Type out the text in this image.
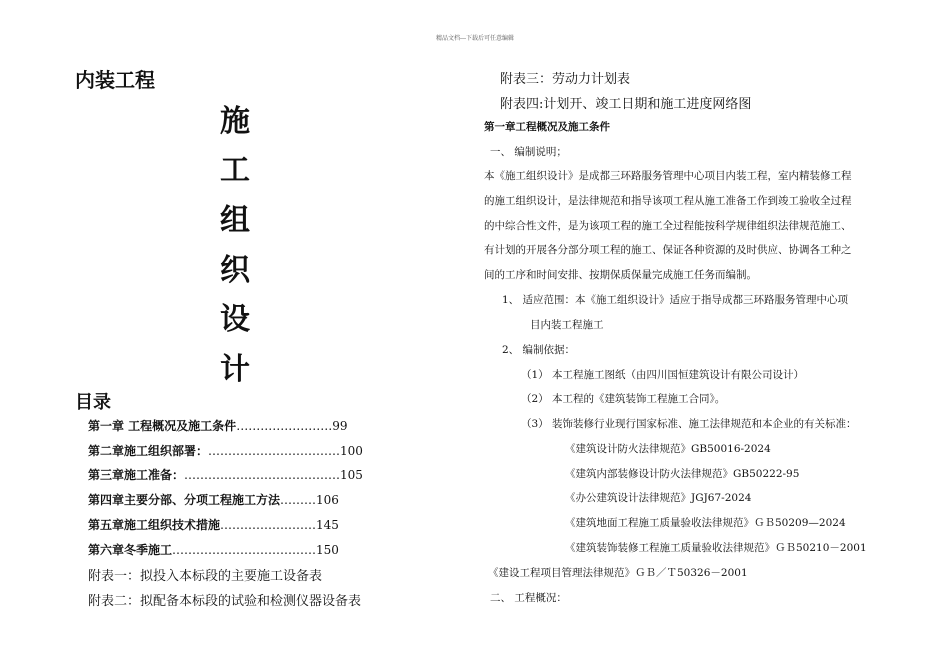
精品文档---下载后可任意编辑
内装工程
施
工
组
织
设
计
目录
第一章 工程概况及施工条件……………………99
第二章施工组织部署：……………………………100
第三章施工准备：…………………………………105
第四章主要分部、分项工程施工方法………106
第五章施工组织技术措施……………………145
第六章冬季施工………………………………150
附表一：拟投入本标段的主要施工设备表
附表二：拟配备本标段的试验和检测仪器设备表
附表三：劳动力计划表
附表四:计划开、竣工日期和施工进度网络图
第一章工程概况及施工条件
一、 编制说明；
本《施工组织设计》是成都三环路服务管理中心项目内装工程，室内精装修工程
的施工组织设计，是法律规范和指导该项工程从施工准备工作到竣工验收全过程
的中综合性文件，是为该项工程的施工全过程能按科学规律组织法律规范施工、
有计划的开展各分部分项工程的施工、保证各种资源的及时供应、协调各工种之
间的工序和时间安排、按期保质保量完成施工任务而编制。
1、 适应范围：本《施工组织设计》适应于指导成都三环路服务管理中心项
目内装工程施工
2、 编制依据：
（1） 本工程施工图纸（由四川国恒建筑设计有限公司设计）
（2） 本工程的《建筑装饰工程施工合同》。
（3） 装饰装修行业现行国家标准、施工法律规范和本企业的有关标准：
《建筑设计防火法律规范》GB50016-2024
《建筑内部装修设计防火法律规范》GB50222-95
《办公建筑设计法律规范》JGJ67-2024
《建筑地面工程施工质量验收法律规范》ＧＢ50209—2024
《建筑装饰装修工程施工质量验收法律规范》ＧＢ50210－2001
《建设工程项目管理法律规范》ＧＢ／Ｔ50326－2001
二、 工程概况：
